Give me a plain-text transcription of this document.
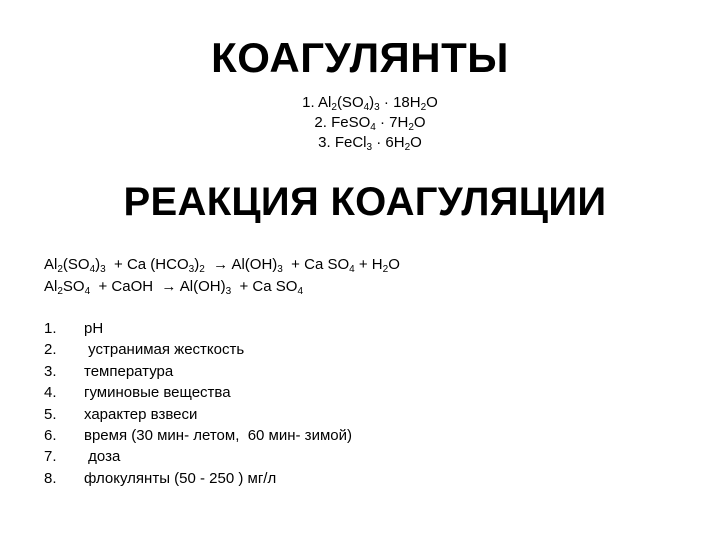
КОАГУЛЯНТЫ
1. $Al_2(SO_4)_3 \cdot 18H_2O$
2. FeSO$_4$ · $7H_2O$
3. FeCl$_3$ · $6H_2O$
РЕАКЦИЯ КОАГУЛЯЦИИ
$Al_2(SO_4)_3 + Ca$ $(HCO_3)_2 \to Al(OH)_3 + Ca$ $SO_4 + H_2O$
$Al_2SO_4$  + CaOH  → $Al(OH)_3 + Ca$ $SO_4$
1.	pH
2.	устранимая жесткость
3.	температура
4.	гуминовые вещества
5.	характер взвеси
6.	время (30 мин- летом,  60 мин- зимой)
7.	доза
8.	флокулянты (50 - 250 ) мг/л
